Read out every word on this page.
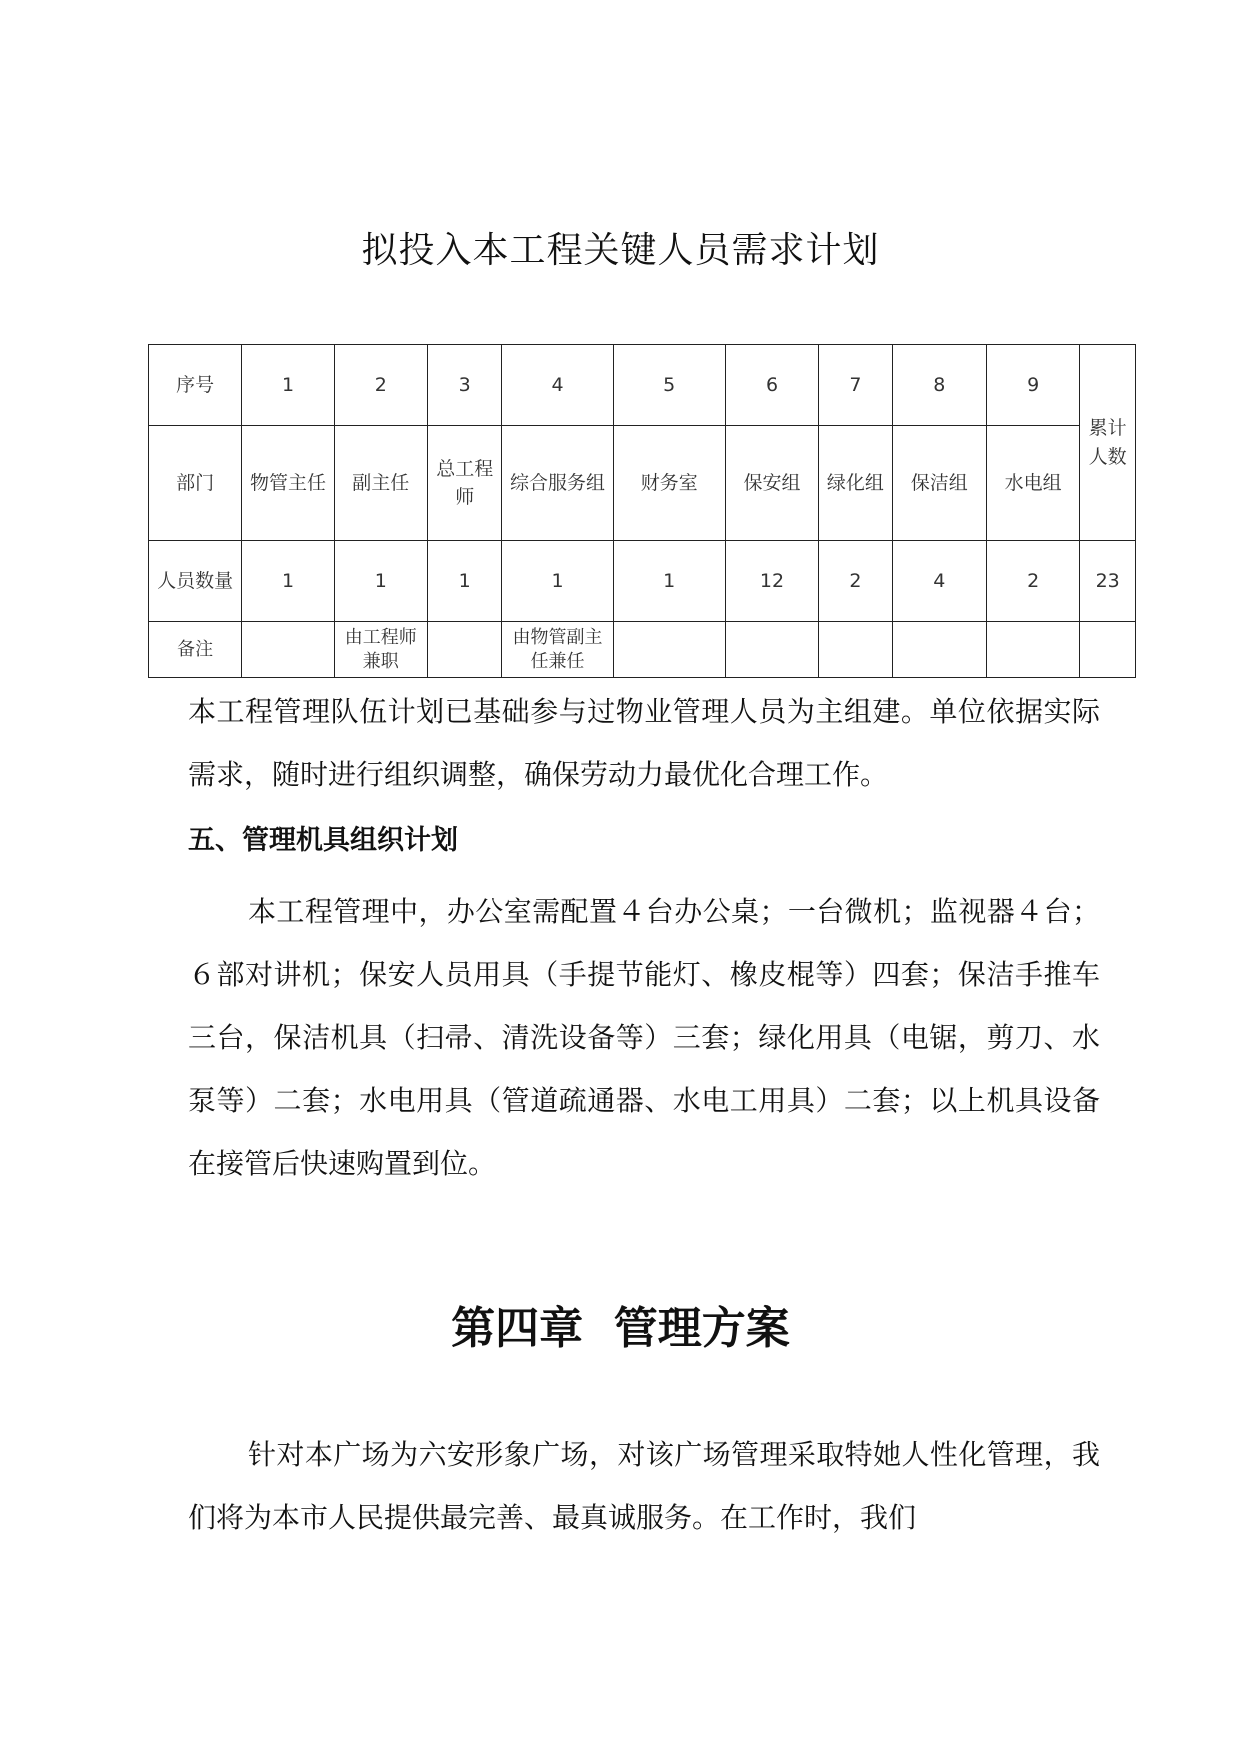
拟投入本工程关键人员需求计划
序号	1	2	3	4	5	6	7	8	9	累计人数
部门	物管主任	副主任	总工程师	综合服务组	财务室	保安组	绿化组	保洁组	水电组	
人员数量	1	1	1	1	1	12	2	4	2	23
备注		由工程师兼职		由物管副主任兼任						

本工程管理队伍计划已基础参与过物业管理人员为主组建。单位依据实际需求，随时进行组织调整，确保劳动力最优化合理工作。

五、管理机具组织计划

本工程管理中，办公室需配置４台办公桌；一台微机；监视器４台；６部对讲机；保安人员用具（手提节能灯、橡皮棍等）四套；保洁手推车三台，保洁机具（扫帚、清洗设备等）三套；绿化用具（电锯，剪刀、水泵等）二套；水电用具（管道疏通器、水电工用具）二套；以上机具设备在接管后快速购置到位。

第四章  管理方案

针对本广场为六安形象广场，对该广场管理采取特她人性化管理，我们将为本市人民提供最完善、最真诚服务。在工作时，我们
